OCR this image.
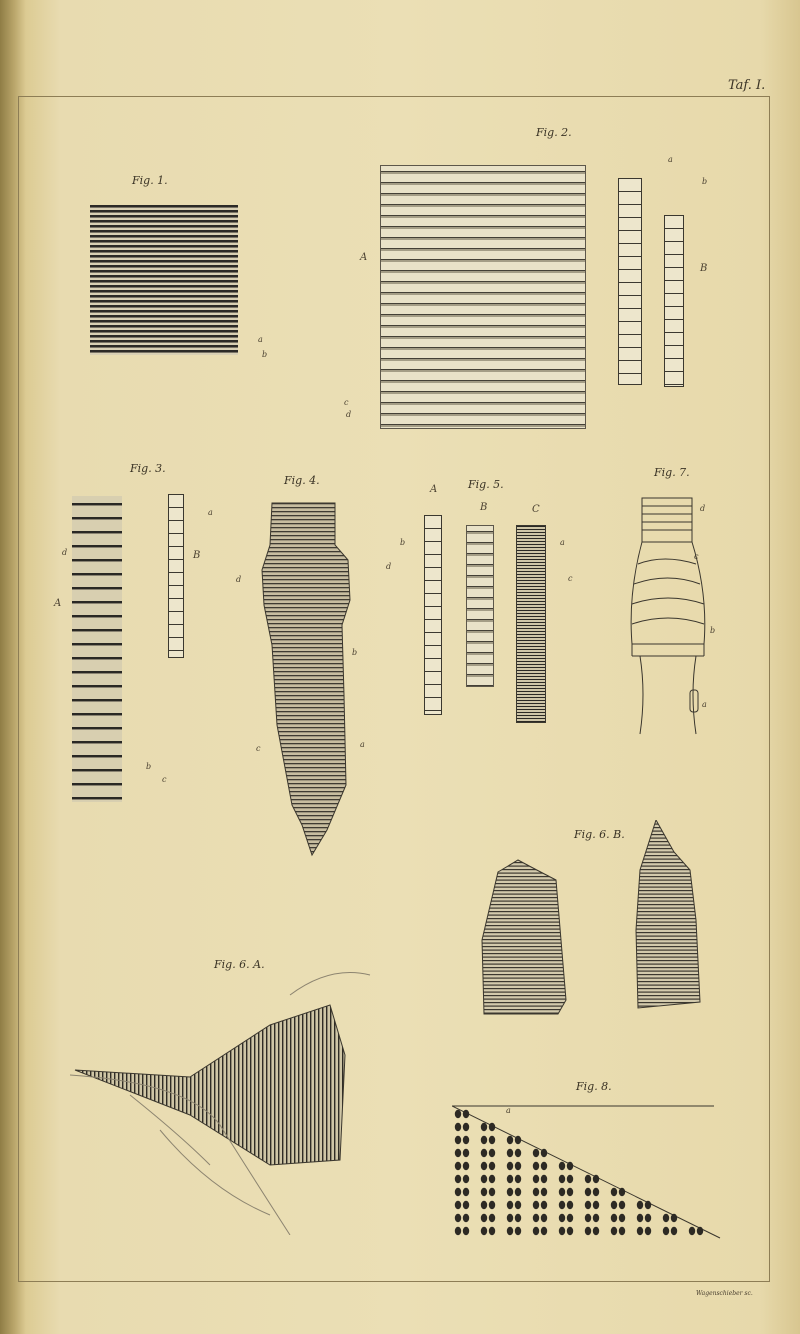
Taf. I.
Fig. 1.
a
b
Fig. 2.
A
B
a
b
c
d
Fig. 3.
A
B
d
a
b
c
Fig. 4.
d
c
b
a
Fig. 5.
A
B	C
b
d
a
c
Fig. 7.
d
c
b
a
Fig. 6. B.
Fig. 6. A.
Fig. 8.
a
Wagenschieber sc.
